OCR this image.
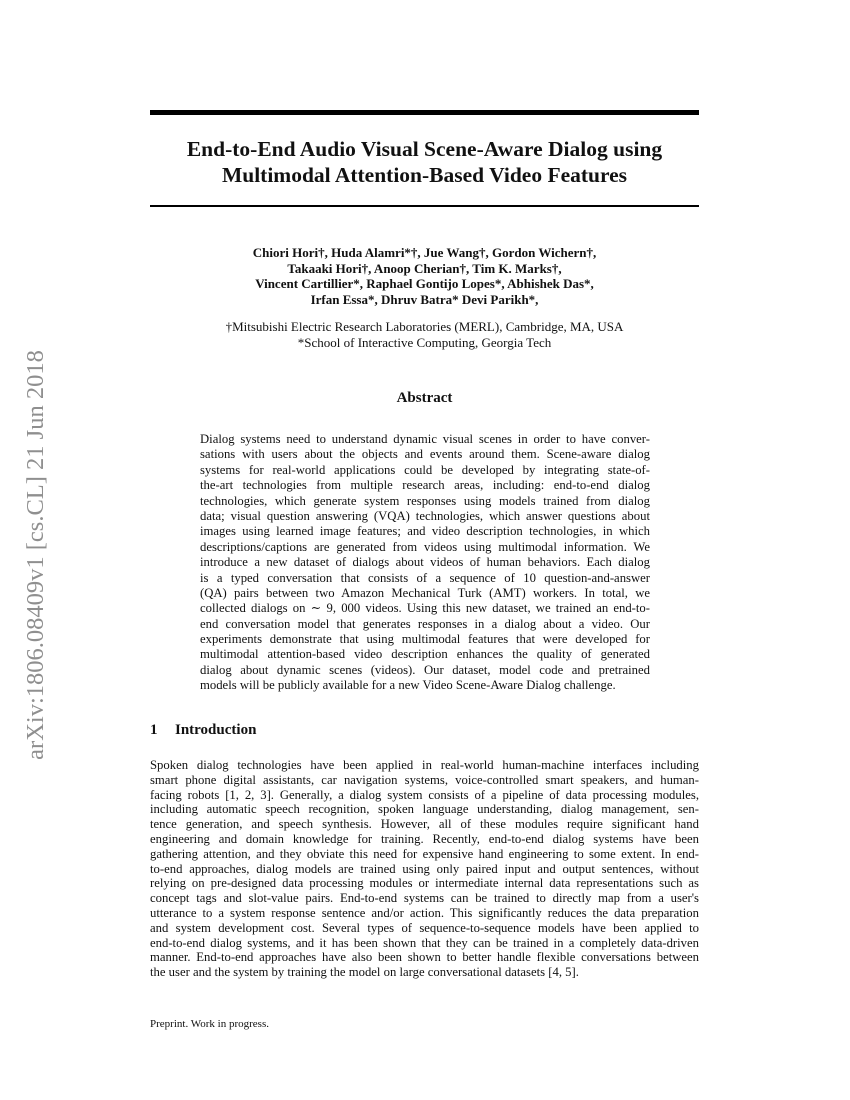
arXiv:1806.08409v1 [cs.CL] 21 Jun 2018
End-to-End Audio Visual Scene-Aware Dialog using
Multimodal Attention-Based Video Features
Chiori Hori†, Huda Alamri*†, Jue Wang†, Gordon Wichern†,
Takaaki Hori†, Anoop Cherian†, Tim K. Marks†,
Vincent Cartillier*, Raphael Gontijo Lopes*, Abhishek Das*,
Irfan Essa*, Dhruv Batra* Devi Parikh*,
†Mitsubishi Electric Research Laboratories (MERL), Cambridge, MA, USA
*School of Interactive Computing, Georgia Tech
Abstract
Dialog systems need to understand dynamic visual scenes in order to have conver-
sations with users about the objects and events around them. Scene-aware dialog
systems for real-world applications could be developed by integrating state-of-
the-art technologies from multiple research areas, including: end-to-end dialog
technologies, which generate system responses using models trained from dialog
data; visual question answering (VQA) technologies, which answer questions about
images using learned image features; and video description technologies, in which
descriptions/captions are generated from videos using multimodal information. We
introduce a new dataset of dialogs about videos of human behaviors. Each dialog
is a typed conversation that consists of a sequence of 10 question-and-answer
(QA) pairs between two Amazon Mechanical Turk (AMT) workers. In total, we
collected dialogs on ∼ 9, 000 videos. Using this new dataset, we trained an end-to-
end conversation model that generates responses in a dialog about a video. Our
experiments demonstrate that using multimodal features that were developed for
multimodal attention-based video description enhances the quality of generated
dialog about dynamic scenes (videos). Our dataset, model code and pretrained
models will be publicly available for a new Video Scene-Aware Dialog challenge.
1 Introduction
Spoken dialog technologies have been applied in real-world human-machine interfaces including
smart phone digital assistants, car navigation systems, voice-controlled smart speakers, and human-
facing robots [1, 2, 3]. Generally, a dialog system consists of a pipeline of data processing modules,
including automatic speech recognition, spoken language understanding, dialog management, sen-
tence generation, and speech synthesis. However, all of these modules require significant hand
engineering and domain knowledge for training. Recently, end-to-end dialog systems have been
gathering attention, and they obviate this need for expensive hand engineering to some extent. In end-
to-end approaches, dialog models are trained using only paired input and output sentences, without
relying on pre-designed data processing modules or intermediate internal data representations such as
concept tags and slot-value pairs. End-to-end systems can be trained to directly map from a user's
utterance to a system response sentence and/or action. This significantly reduces the data preparation
and system development cost. Several types of sequence-to-sequence models have been applied to
end-to-end dialog systems, and it has been shown that they can be trained in a completely data-driven
manner. End-to-end approaches have also been shown to better handle flexible conversations between
the user and the system by training the model on large conversational datasets [4, 5].
Preprint. Work in progress.
